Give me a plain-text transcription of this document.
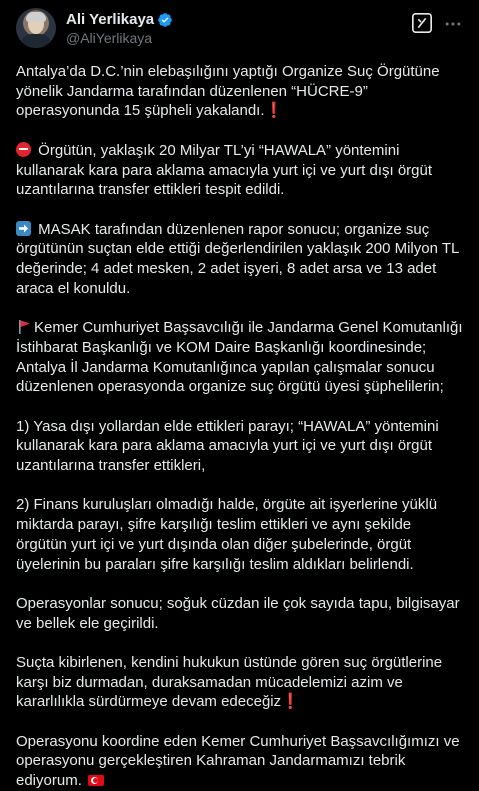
Ali Yerlikaya
@AliYerlikaya

Antalya’da D.C.’nin elebaşılığını yaptığı Organize Suç Örgütüne yönelik Jandarma tarafından düzenlenen “HÜCRE-9” operasyonunda 15 şüpheli yakalandı.❗

Örgütün, yaklaşık 20 Milyar TL’yi “HAWALA” yöntemini kullanarak kara para aklama amacıyla yurt içi ve yurt dışı örgüt uzantılarına transfer ettikleri tespit edildi.

MASAK tarafından düzenlenen rapor sonucu; organize suç örgütünün suçtan elde ettiği değerlendirilen yaklaşık 200 Milyon TL değerinde; 4 adet mesken, 2 adet işyeri, 8 adet arsa ve 13 adet araca el konuldu.

Kemer Cumhuriyet Başsavcılığı ile Jandarma Genel Komutanlığı İstihbarat Başkanlığı ve KOM Daire Başkanlığı koordinesinde; Antalya İl Jandarma Komutanlığınca yapılan çalışmalar sonucu düzenlenen operasyonda organize suç örgütü üyesi şüphelilerin;

1) Yasa dışı yollardan elde ettikleri parayı; “HAWALA” yöntemini kullanarak kara para aklama amacıyla yurt içi ve yurt dışı örgüt uzantılarına transfer ettikleri,

2) Finans kuruluşları olmadığı halde, örgüte ait işyerlerine yüklü miktarda parayı, şifre karşılığı teslim ettikleri ve aynı şekilde örgütün yurt içi ve yurt dışında olan diğer şubelerinde, örgüt üyelerinin bu paraları şifre karşılığı teslim aldıkları belirlendi.

Operasyonlar sonucu; soğuk cüzdan ile çok sayıda tapu, bilgisayar ve bellek ele geçirildi.

Suçta kibirlenen, kendini hukukun üstünde gören suç örgütlerine karşı biz durmadan, duraksamadan mücadelemizi azim ve kararlılıkla sürdürmeye devam edeceğiz❗

Operasyonu koordine eden Kemer Cumhuriyet Başsavcılığımızı ve operasyonu gerçekleştiren Kahraman Jandarmamızı tebrik ediyorum.
